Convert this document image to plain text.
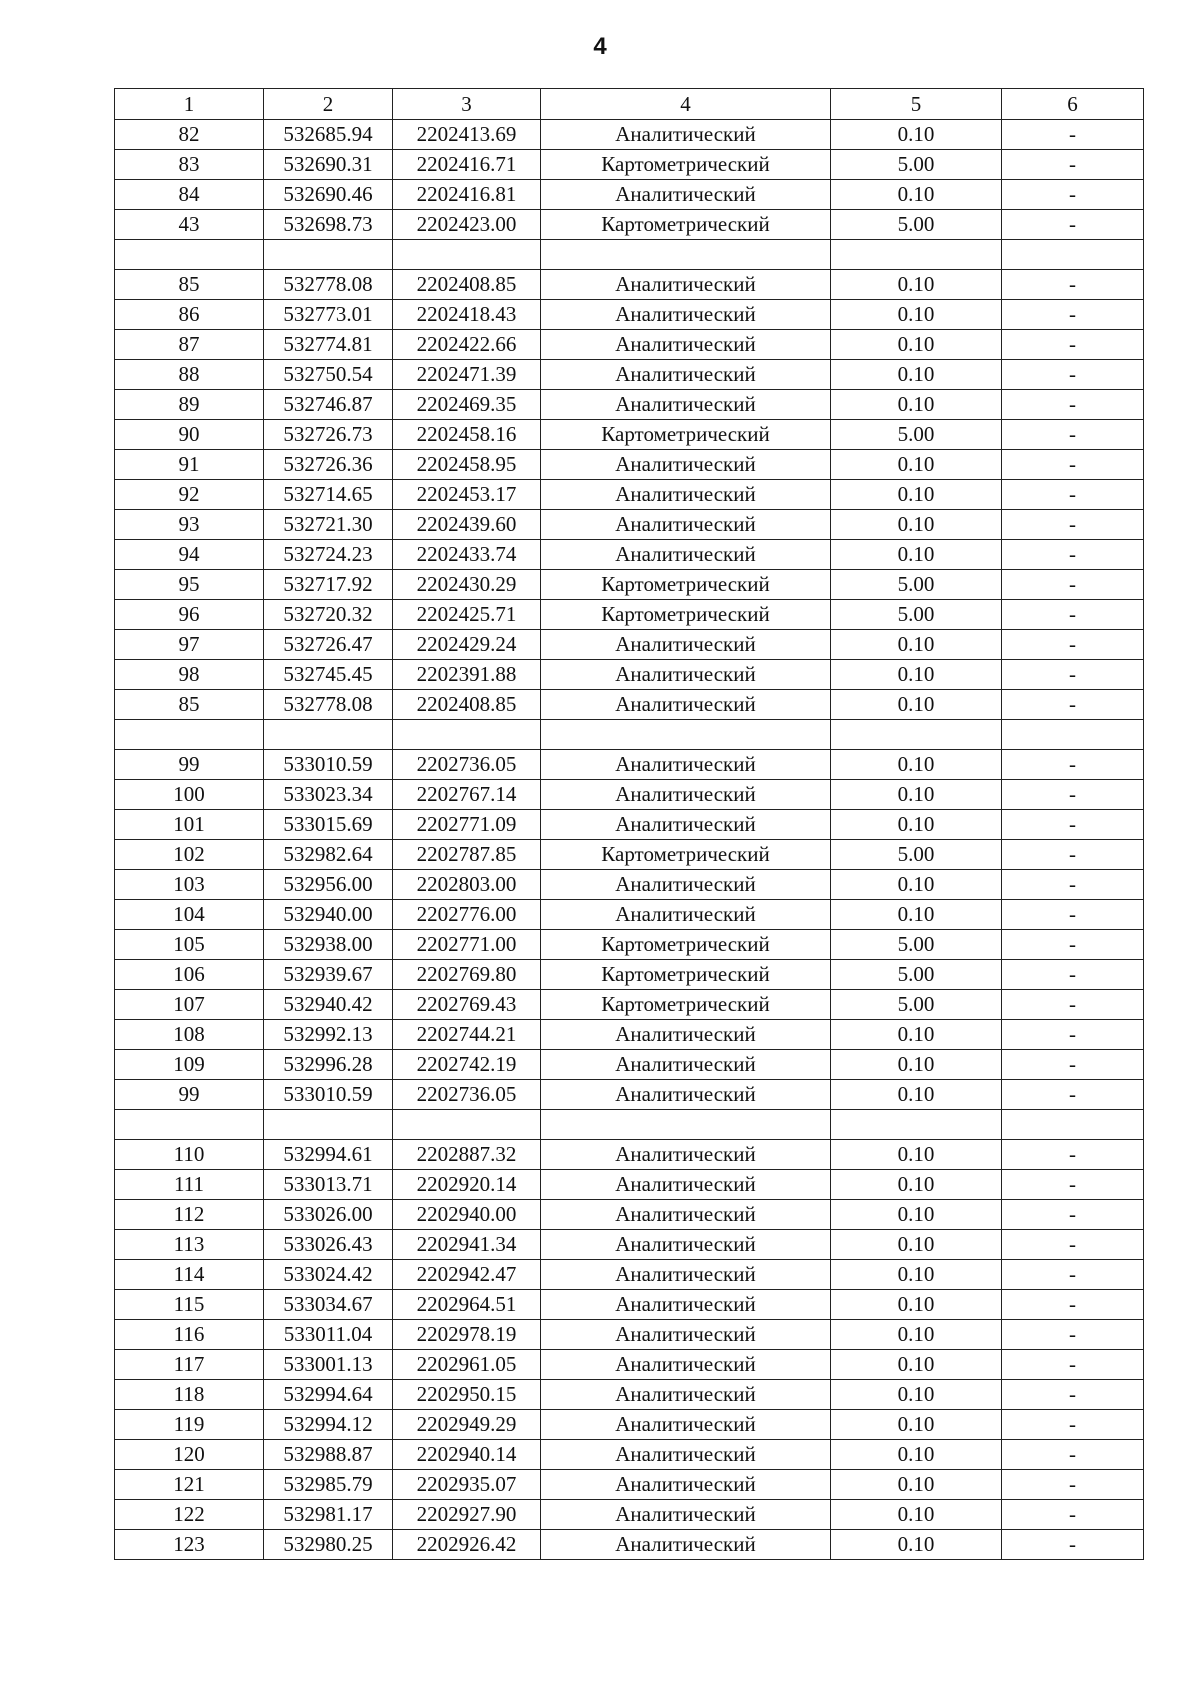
4
1	2	3	4	5	6
82	532685.94	2202413.69	Аналитический	0.10	-
83	532690.31	2202416.71	Картометрический	5.00	-
84	532690.46	2202416.81	Аналитический	0.10	-
43	532698.73	2202423.00	Картометрический	5.00	-

85	532778.08	2202408.85	Аналитический	0.10	-
86	532773.01	2202418.43	Аналитический	0.10	-
87	532774.81	2202422.66	Аналитический	0.10	-
88	532750.54	2202471.39	Аналитический	0.10	-
89	532746.87	2202469.35	Аналитический	0.10	-
90	532726.73	2202458.16	Картометрический	5.00	-
91	532726.36	2202458.95	Аналитический	0.10	-
92	532714.65	2202453.17	Аналитический	0.10	-
93	532721.30	2202439.60	Аналитический	0.10	-
94	532724.23	2202433.74	Аналитический	0.10	-
95	532717.92	2202430.29	Картометрический	5.00	-
96	532720.32	2202425.71	Картометрический	5.00	-
97	532726.47	2202429.24	Аналитический	0.10	-
98	532745.45	2202391.88	Аналитический	0.10	-
85	532778.08	2202408.85	Аналитический	0.10	-

99	533010.59	2202736.05	Аналитический	0.10	-
100	533023.34	2202767.14	Аналитический	0.10	-
101	533015.69	2202771.09	Аналитический	0.10	-
102	532982.64	2202787.85	Картометрический	5.00	-
103	532956.00	2202803.00	Аналитический	0.10	-
104	532940.00	2202776.00	Аналитический	0.10	-
105	532938.00	2202771.00	Картометрический	5.00	-
106	532939.67	2202769.80	Картометрический	5.00	-
107	532940.42	2202769.43	Картометрический	5.00	-
108	532992.13	2202744.21	Аналитический	0.10	-
109	532996.28	2202742.19	Аналитический	0.10	-
99	533010.59	2202736.05	Аналитический	0.10	-

110	532994.61	2202887.32	Аналитический	0.10	-
111	533013.71	2202920.14	Аналитический	0.10	-
112	533026.00	2202940.00	Аналитический	0.10	-
113	533026.43	2202941.34	Аналитический	0.10	-
114	533024.42	2202942.47	Аналитический	0.10	-
115	533034.67	2202964.51	Аналитический	0.10	-
116	533011.04	2202978.19	Аналитический	0.10	-
117	533001.13	2202961.05	Аналитический	0.10	-
118	532994.64	2202950.15	Аналитический	0.10	-
119	532994.12	2202949.29	Аналитический	0.10	-
120	532988.87	2202940.14	Аналитический	0.10	-
121	532985.79	2202935.07	Аналитический	0.10	-
122	532981.17	2202927.90	Аналитический	0.10	-
123	532980.25	2202926.42	Аналитический	0.10	-
